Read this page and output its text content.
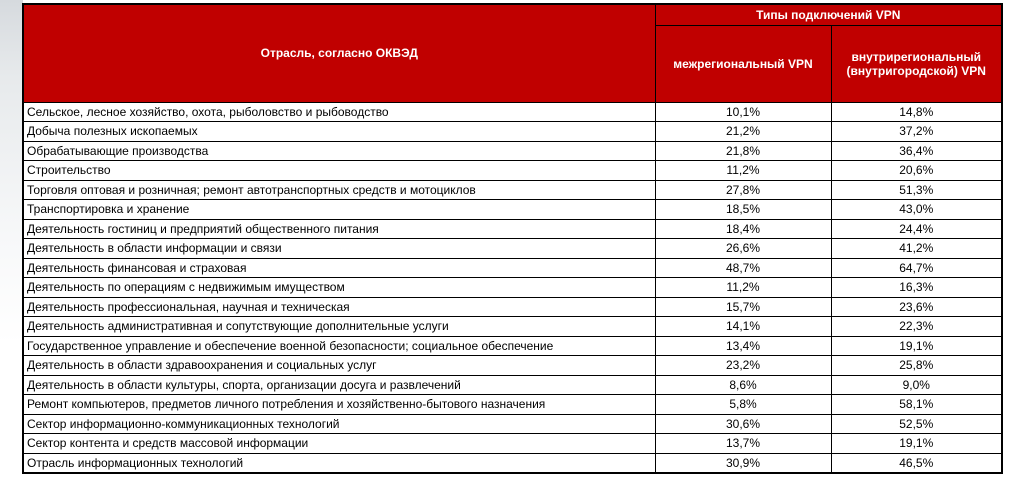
Отрасль, согласно ОКВЭД	Типы подключений VPN	
	межрегиональный VPN	внутрирегиональный (внутригородской) VPN
Сельское, лесное хозяйство, охота, рыболовство и рыбоводство	10,1%	14,8%
Добыча полезных ископаемых	21,2%	37,2%
Обрабатывающие производства	21,8%	36,4%
Строительство	11,2%	20,6%
Торговля оптовая и розничная; ремонт автотранспортных средств и мотоциклов	27,8%	51,3%
Транспортировка и хранение	18,5%	43,0%
Деятельность гостиниц и предприятий общественного питания	18,4%	24,4%
Деятельность в области информации и связи	26,6%	41,2%
Деятельность финансовая и страховая	48,7%	64,7%
Деятельность по операциям с недвижимым имуществом	11,2%	16,3%
Деятельность профессиональная, научная и техническая	15,7%	23,6%
Деятельность административная и сопутствующие дополнительные услуги	14,1%	22,3%
Государственное управление и обеспечение военной безопасности; социальное обеспечение	13,4%	19,1%
Деятельность в области здравоохранения и социальных услуг	23,2%	25,8%
Деятельность в области культуры, спорта, организации досуга и развлечений	8,6%	9,0%
Ремонт компьютеров, предметов личного потребления и хозяйственно-бытового назначения	5,8%	58,1%
Сектор информационно-коммуникационных технологий	30,6%	52,5%
Сектор контента и средств массовой информации	13,7%	19,1%
Отрасль информационных технологий	30,9%	46,5%
